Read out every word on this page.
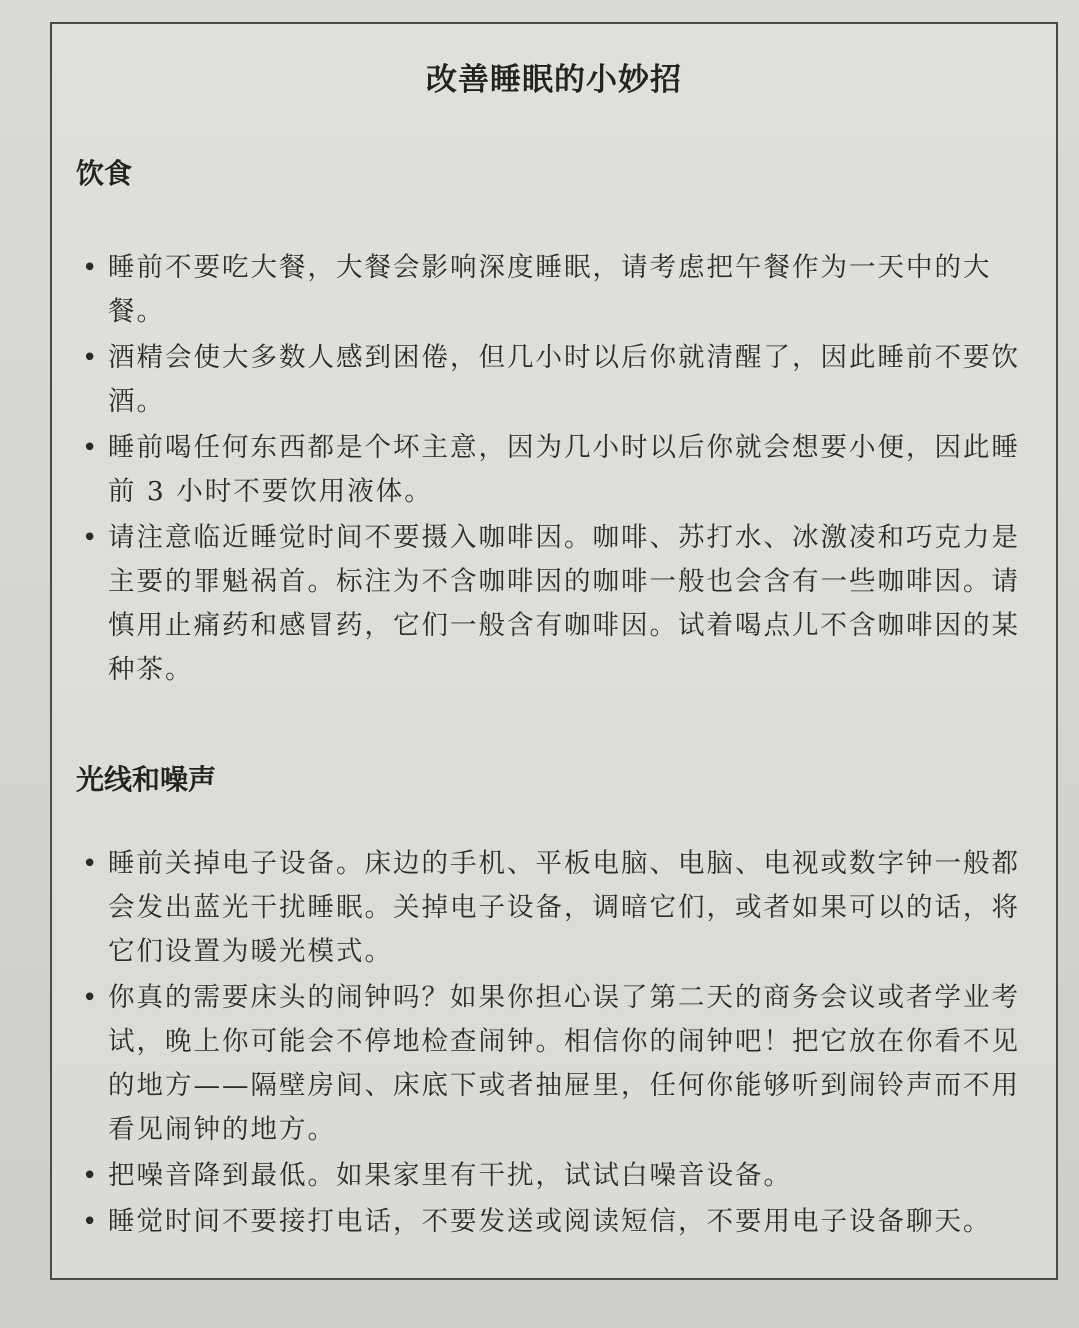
改善睡眠的小妙招
饮食
• 睡前不要吃大餐，大餐会影响深度睡眠，请考虑把午餐作为一天中的大餐。
• 酒精会使大多数人感到困倦，但几小时以后你就清醒了，因此睡前不要饮酒。
• 睡前喝任何东西都是个坏主意，因为几小时以后你就会想要小便，因此睡前 3 小时不要饮用液体。
• 请注意临近睡觉时间不要摄入咖啡因。咖啡、苏打水、冰激凌和巧克力是主要的罪魁祸首。标注为不含咖啡因的咖啡一般也会含有一些咖啡因。请慎用止痛药和感冒药，它们一般含有咖啡因。试着喝点儿不含咖啡因的某种茶。
光线和噪声
• 睡前关掉电子设备。床边的手机、平板电脑、电脑、电视或数字钟一般都会发出蓝光干扰睡眠。关掉电子设备，调暗它们，或者如果可以的话，将它们设置为暖光模式。
• 你真的需要床头的闹钟吗？如果你担心误了第二天的商务会议或者学业考试，晚上你可能会不停地检查闹钟。相信你的闹钟吧！把它放在你看不见的地方——隔壁房间、床底下或者抽屉里，任何你能够听到闹铃声而不用看见闹钟的地方。
• 把噪音降到最低。如果家里有干扰，试试白噪音设备。
• 睡觉时间不要接打电话，不要发送或阅读短信，不要用电子设备聊天。
